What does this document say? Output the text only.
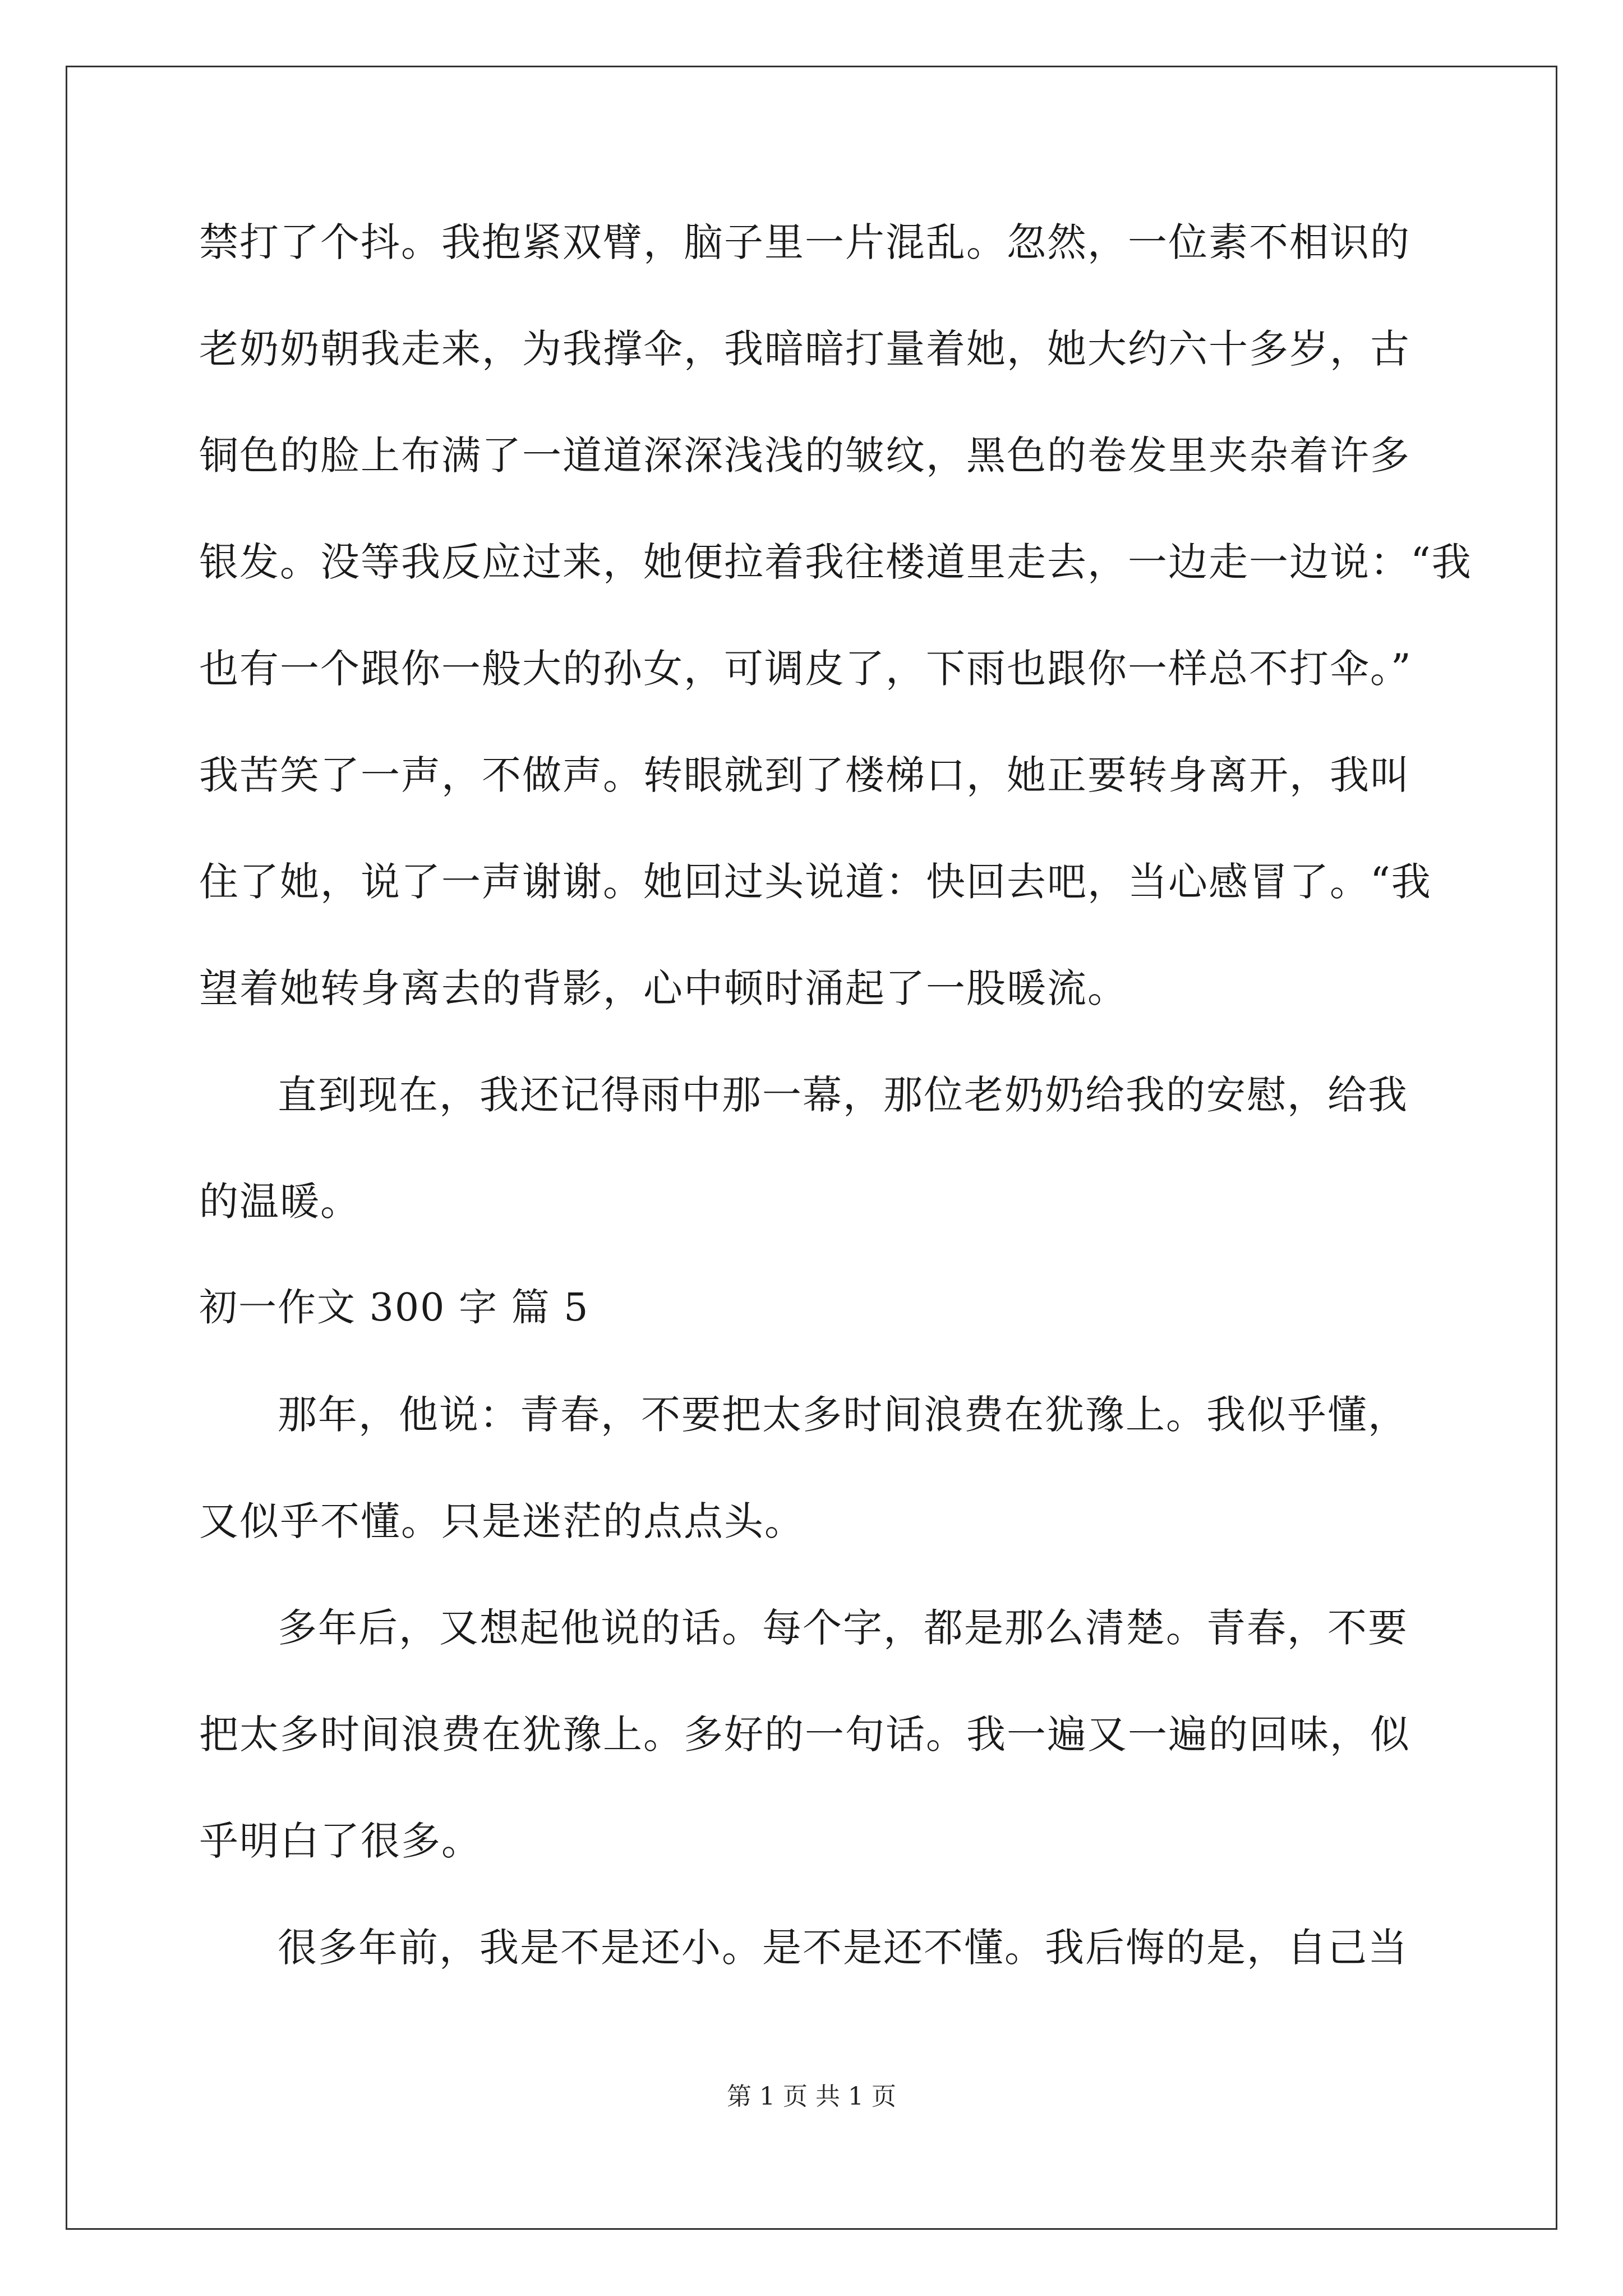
禁打了个抖。我抱紧双臂，脑子里一片混乱。忽然，一位素不相识的
老奶奶朝我走来，为我撑伞，我暗暗打量着她，她大约六十多岁，古
铜色的脸上布满了一道道深深浅浅的皱纹，黑色的卷发里夹杂着许多
银发。没等我反应过来，她便拉着我往楼道里走去，一边走一边说：“我
也有一个跟你一般大的孙女，可调皮了，下雨也跟你一样总不打伞。”
我苦笑了一声，不做声。转眼就到了楼梯口，她正要转身离开，我叫
住了她，说了一声谢谢。她回过头说道：快回去吧，当心感冒了。“我
望着她转身离去的背影，心中顿时涌起了一股暖流。
直到现在，我还记得雨中那一幕，那位老奶奶给我的安慰，给我
的温暖。
初一作文 300 字 篇 5
那年，他说：青春，不要把太多时间浪费在犹豫上。我似乎懂，
又似乎不懂。只是迷茫的点点头。
多年后，又想起他说的话。每个字，都是那么清楚。青春，不要
把太多时间浪费在犹豫上。多好的一句话。我一遍又一遍的回味，似
乎明白了很多。
很多年前，我是不是还小。是不是还不懂。我后悔的是，自己当
第 1 页 共 1 页
